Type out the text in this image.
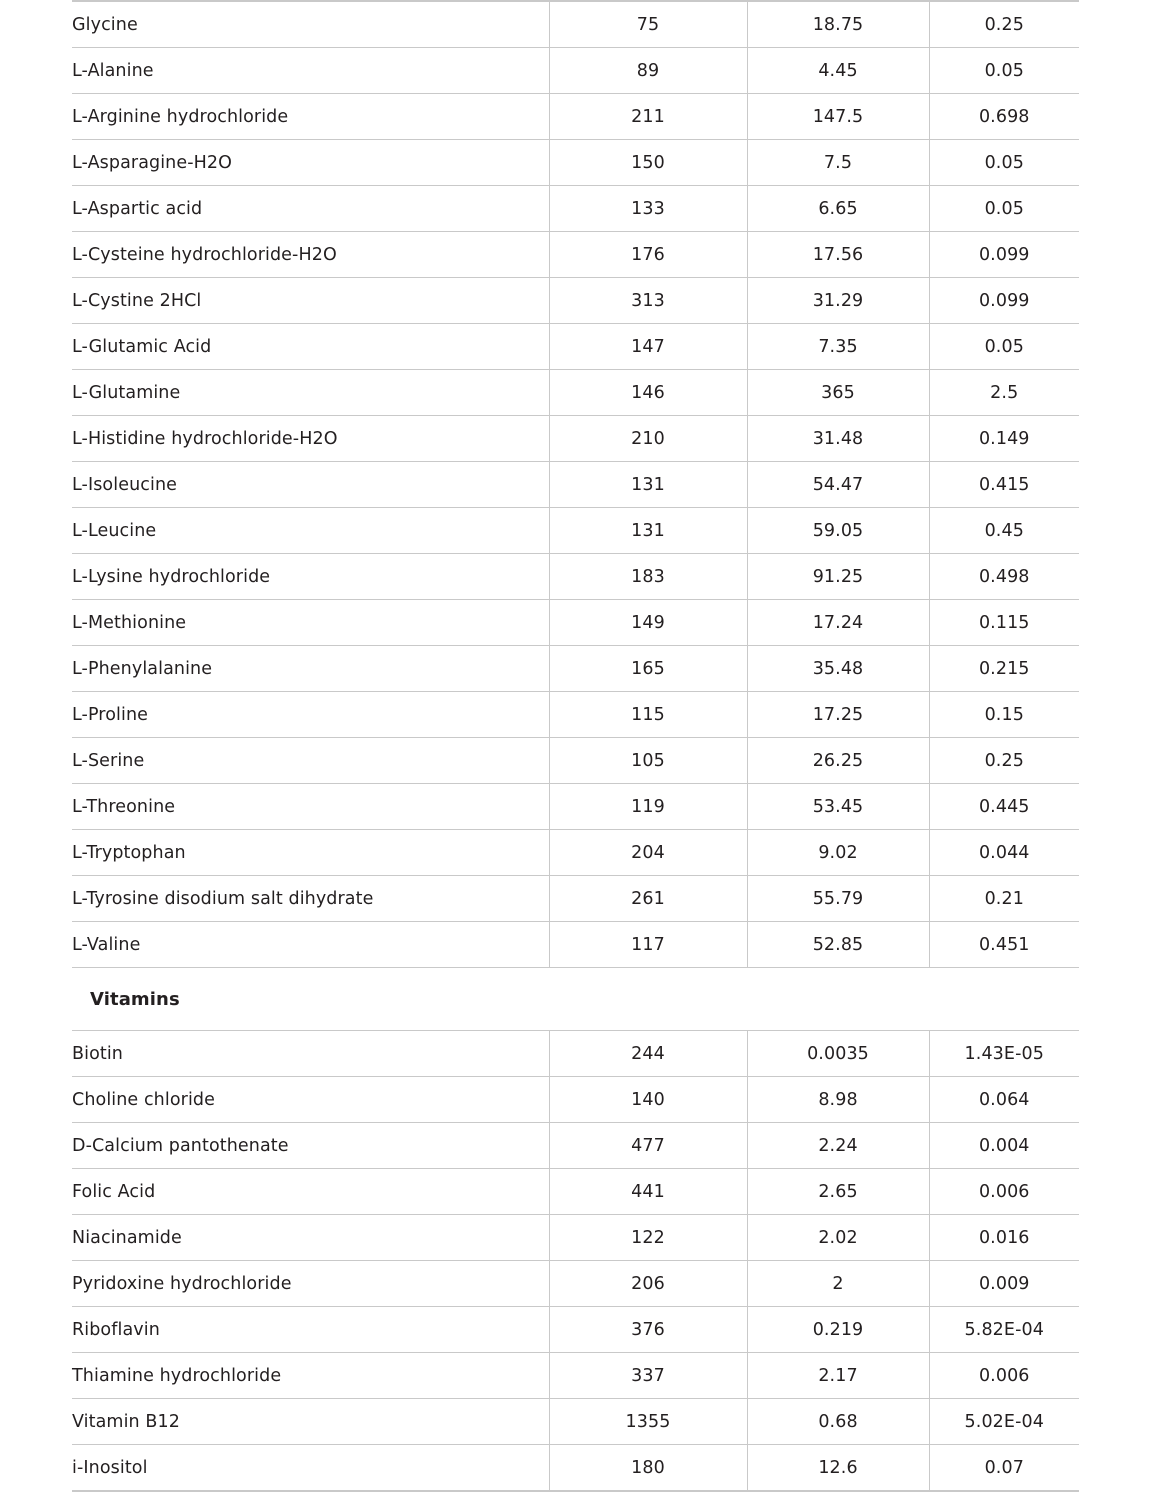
Glycine	75	18.75	0.25
L-Alanine	89	4.45	0.05
L-Arginine hydrochloride	211	147.5	0.698
L-Asparagine-H2O	150	7.5	0.05
L-Aspartic acid	133	6.65	0.05
L-Cysteine hydrochloride-H2O	176	17.56	0.099
L-Cystine 2HCl	313	31.29	0.099
L-Glutamic Acid	147	7.35	0.05
L-Glutamine	146	365	2.5
L-Histidine hydrochloride-H2O	210	31.48	0.149
L-Isoleucine	131	54.47	0.415
L-Leucine	131	59.05	0.45
L-Lysine hydrochloride	183	91.25	0.498
L-Methionine	149	17.24	0.115
L-Phenylalanine	165	35.48	0.215
L-Proline	115	17.25	0.15
L-Serine	105	26.25	0.25
L-Threonine	119	53.45	0.445
L-Tryptophan	204	9.02	0.044
L-Tyrosine disodium salt dihydrate	261	55.79	0.21
L-Valine	117	52.85	0.451
Vitamins			
Biotin	244	0.0035	1.43E-05
Choline chloride	140	8.98	0.064
D-Calcium pantothenate	477	2.24	0.004
Folic Acid	441	2.65	0.006
Niacinamide	122	2.02	0.016
Pyridoxine hydrochloride	206	2	0.009
Riboflavin	376	0.219	5.82E-04
Thiamine hydrochloride	337	2.17	0.006
Vitamin B12	1355	0.68	5.02E-04
i-Inositol	180	12.6	0.07
